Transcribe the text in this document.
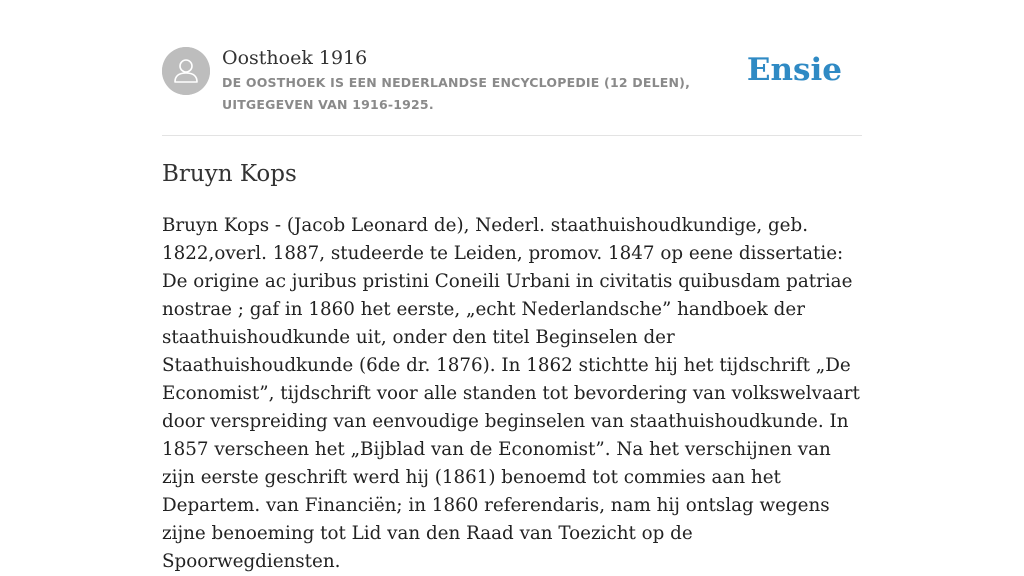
Oosthoek 1916
DE OOSTHOEK IS EEN NEDERLANDSE ENCYCLOPEDIE (12 DELEN), UITGEGEVEN VAN 1916-1925.
Ensie
Bruyn Kops

Bruyn Kops - (Jacob Leonard de), Nederl. staathuishoudkundige, geb. 1822,overl. 1887, studeerde te Leiden, promov. 1847 op eene dissertatie: De origine ac juribus pristini Coneili Urbani in civitatis quibusdam patriae nostrae ; gaf in 1860 het eerste, „echt Nederlandsche” handboek der staathuishoudkunde uit, onder den titel Beginselen der Staathuishoudkunde (6de dr. 1876). In 1862 stichtte hij het tijdschrift „De Economist”, tijdschrift voor alle standen tot bevordering van volkswelvaart door verspreiding van eenvoudige beginselen van staathuishoudkunde. In 1857 verscheen het „Bijblad van de Economist”. Na het verschijnen van zijn eerste geschrift werd hij (1861) benoemd tot commies aan het Departem. van Financiën; in 1860 referendaris, nam hij ontslag wegens zijne benoeming tot Lid van den Raad van Toezicht op de Spoorwegdiensten.
